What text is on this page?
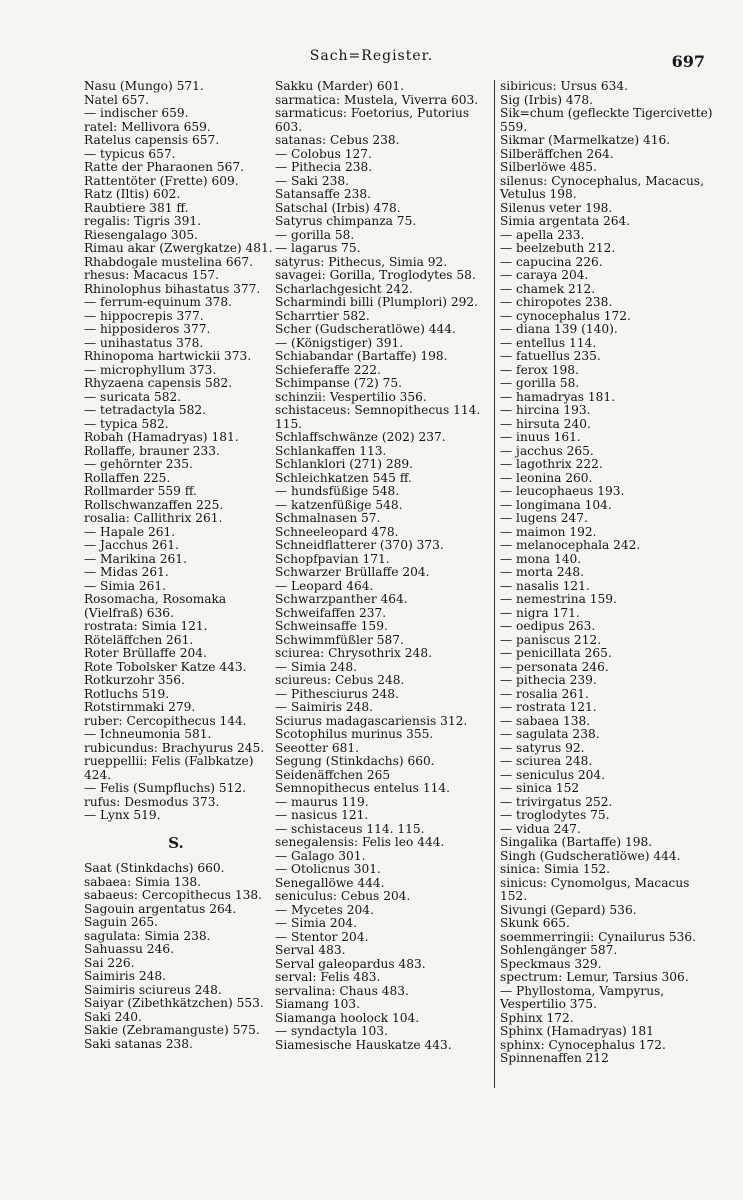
Sach=Register.	697
Nasu (Mungo) 571.
Natel 657.
— indischer 659.
ratel: Mellivora 659.
Ratelus capensis 657.
— typicus 657.
Ratte der Pharaonen 567.
Rattentöter (Frette) 609.
Ratz (Iltis) 602.
Raubtiere 381 ff.
regalis: Tigris 391.
Riesengalago 305.
Rimau akar (Zwergkatze) 481.
Rhabdogale mustelina 667.
rhesus: Macacus 157.
Rhinolophus bihastatus 377.
— ferrum-equinum 378.
— hippocrepis 377.
— hipposideros 377.
— unihastatus 378.
Rhinopoma hartwickii 373.
— microphyllum 373.
Rhyzaena capensis 582.
— suricata 582.
— tetradactyla 582.
— typica 582.
Robah (Hamadryas) 181.
Rollaffe, brauner 233.
— gehörnter 235.
Rollaffen 225.
Rollmarder 559 ff.
Rollschwanzaffen 225.
rosalia: Callithrix 261.
— Hapale 261.
— Jacchus 261.
— Marikina 261.
— Midas 261.
— Simia 261.
Rosomacha, Rosomaka (Vielfraß) 636.
rostrata: Simia 121.
Röteläffchen 261.
Roter Brüllaffe 204.
Rote Tobolsker Katze 443.
Rotkurzohr 356.
Rotluchs 519.
Rotstirnmaki 279.
ruber: Cercopithecus 144.
— Ichneumonia 581.
rubicundus: Brachyurus 245.
rueppellii: Felis (Falbkatze) 424.
— Felis (Sumpfluchs) 512.
rufus: Desmodus 373.
— Lynx 519.
S.
Saat (Stinkdachs) 660.
sabaea: Simia 138.
sabaeus: Cercopithecus 138.
Sagouin argentatus 264.
Saguin 265.
sagulata: Simia 238.
Sahuassu 246.
Sai 226.
Saimiris 248.
Saimiris sciureus 248.
Saiyar (Zibethkätzchen) 553.
Saki 240.
Sakie (Zebramanguste) 575.
Saki satanas 238.
Sakku (Marder) 601.
sarmatica: Mustela, Viverra 603.
sarmaticus: Foetorius, Putorius 603.
satanas: Cebus 238.
— Colobus 127.
— Pithecia 238.
— Saki 238.
Satansaffe 238.
Satschal (Irbis) 478.
Satyrus chimpanza 75.
— gorilla 58.
— lagarus 75.
satyrus: Pithecus, Simia 92.
savagei: Gorilla, Troglodytes 58.
Scharlachgesicht 242.
Scharmindi billi (Plumplori) 292.
Scharrtier 582.
Scher (Gudscheratlöwe) 444.
— (Königstiger) 391.
Schiabandar (Bartaffe) 198.
Schieferaffe 222.
Schimpanse (72) 75.
schinzii: Vespertilio 356.
schistaceus: Semnopithecus 114. 115.
Schlaffschwänze (202) 237.
Schlankaffen 113.
Schlanklori (271) 289.
Schleichkatzen 545 ff.
— hundsfüßige 548.
— katzenfüßige 548.
Schmalnasen 57.
Schneeleopard 478.
Schneidflatterer (370) 373.
Schopfpavian 171.
Schwarzer Brüllaffe 204.
— Leopard 464.
Schwarzpanther 464.
Schweifaffen 237.
Schweinsaffe 159.
Schwimmfüßler 587.
sciurea: Chrysothrix 248.
— Simia 248.
sciureus: Cebus 248.
— Pithesciurus 248.
— Saimiris 248.
Sciurus madagascariensis 312.
Scotophilus murinus 355.
Seeotter 681.
Segung (Stinkdachs) 660.
Seidenäffchen 265
Semnopithecus entelus 114.
— maurus 119.
— nasicus 121.
— schistaceus 114. 115.
senegalensis: Felis leo 444.
— Galago 301.
— Otolicnus 301.
Senegallöwe 444.
seniculus: Cebus 204.
— Mycetes 204.
— Simia 204.
— Stentor 204.
Serval 483.
Serval galeopardus 483.
serval: Felis 483.
servalina: Chaus 483.
Siamang 103.
Siamanga hoolock 104.
— syndactyla 103.
Siamesische Hauskatze 443.
sibiricus: Ursus 634.
Sig (Irbis) 478.
Sik=chum (gefleckte Tigercivette) 559.
Sikmar (Marmelkatze) 416.
Silberäffchen 264.
Silberlöwe 485.
silenus: Cynocephalus, Macacus, Vetulus 198.
Silenus veter 198.
Simia argentata 264.
— apella 233.
— beelzebuth 212.
— capucina 226.
— caraya 204.
— chamek 212.
— chiropotes 238.
— cynocephalus 172.
— diana 139 (140).
— entellus 114.
— fatuellus 235.
— ferox 198.
— gorilla 58.
— hamadryas 181.
— hircina 193.
— hirsuta 240.
— inuus 161.
— jacchus 265.
— lagothrix 222.
— leonina 260.
— leucophaeus 193.
— longimana 104.
— lugens 247.
— maimon 192.
— melanocephala 242.
— mona 140.
— morta 248.
— nasalis 121.
— nemestrina 159.
— nigra 171.
— oedipus 263.
— paniscus 212.
— penicillata 265.
— personata 246.
— pithecia 239.
— rosalia 261.
— rostrata 121.
— sabaea 138.
— sagulata 238.
— satyrus 92.
— sciurea 248.
— seniculus 204.
— sinica 152
— trivirgatus 252.
— troglodytes 75.
— vidua 247.
Singalika (Bartaffe) 198.
Singh (Gudscheratlöwe) 444.
sinica: Simia 152.
sinicus: Cynomolgus, Macacus 152.
Sivungi (Gepard) 536.
Skunk 665.
soemmerringii: Cynailurus 536.
Sohlengänger 587.
Speckmaus 329.
spectrum: Lemur, Tarsius 306.
— Phyllostoma, Vampyrus, Vespertilio 375.
Sphinx 172.
Sphinx (Hamadryas) 181
sphinx: Cynocephalus 172.
Spinnenaffen 212
